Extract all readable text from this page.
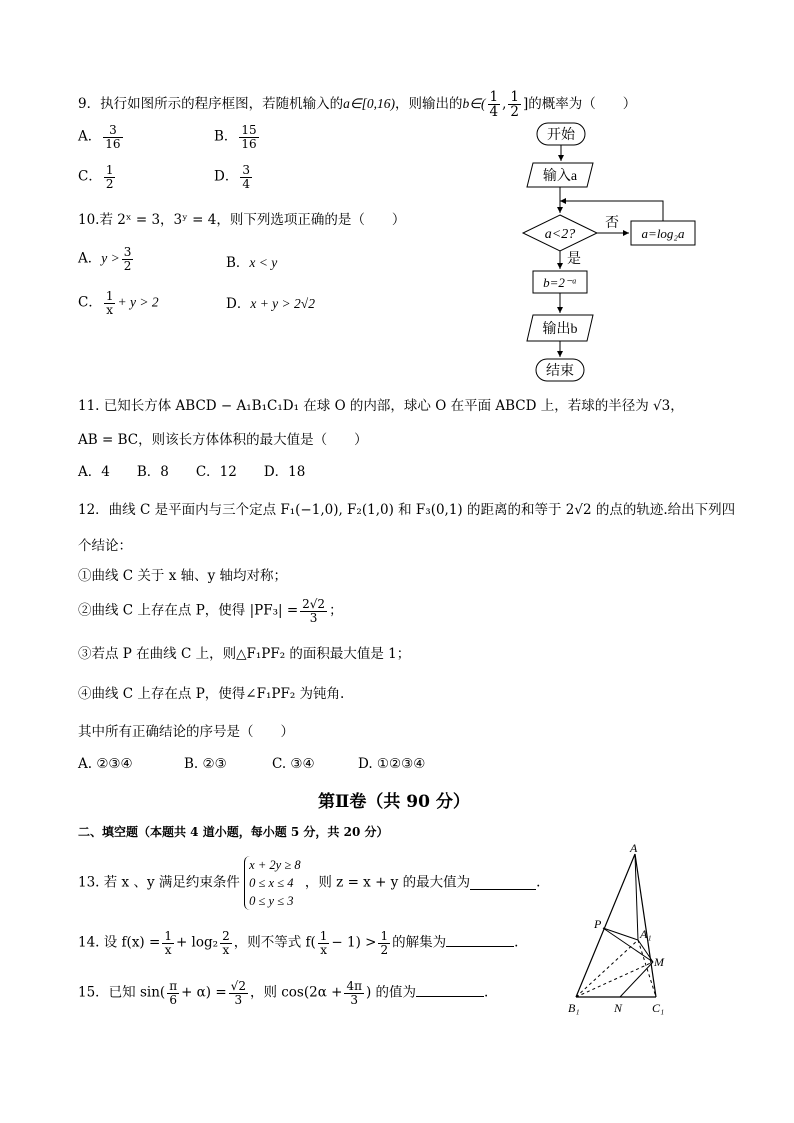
9．执行如图所示的程序框图，若随机输入的a∈[0,16)，则输出的b∈( $\frac{1}{4}$ , $\frac{1}{2}$ ]的概率为（　　）
A． $\frac{3}{16}$	B． $\frac{15}{16}$
C． $\frac{1}{2}$	D． $\frac{3}{4}$
开始
输入a
a<2?
否
a=log₂a
是
b=2⁻ᵃ
输出b
结束
10.若 2ˣ = 3，3ʸ = 4，则下列选项正确的是（　　）
A．$y > \frac{3}{2}$	B．x < y
C． $\frac{1}{x} + y > 2$	D．x + y > 2√2
11. 已知长方体 ABCD − A₁B₁C₁D₁ 在球 O 的内部，球心 O 在平面 ABCD 上，若球的半径为 √3，
AB = BC，则该长方体体积的最大值是（　　）
A．4　　B．8　　C．12　　D．18
12．曲线 C 是平面内与三个定点 F₁(−1,0), F₂(1,0) 和 F₃(0,1) 的距离的和等于 2√2 的点的轨迹.给出下列四
个结论：
①曲线 C 关于 x 轴、y 轴均对称；
②曲线 C 上存在点 P，使得 $|PF_3| = \frac{2√2}{3}$ ；
③若点 P 在曲线 C 上，则△F₁PF₂ 的面积最大值是 1；
④曲线 C 上存在点 P，使得∠F₁PF₂ 为钝角.
其中所有正确结论的序号是（　　）
A. ②③④	B. ②③	C. ③④	D. ①②③④
第Ⅱ卷（共 90 分）
二、填空题（本题共 4 道小题，每小题 5 分，共 20 分）
13. 若 x 、y 满足约束条件
x + 2y ≥ 8
0 ≤ x ≤ 4
0 ≤ y ≤ 3
，则 z = x + y 的最大值为	.
14. 设 $f(x) = \frac{1}{x} + \log_2 \frac{2}{x}$ ，则不等式 $f( \frac{1}{x} - 1) > \frac{1}{2}$ 的解集为	.
15．已知 $\sin( \frac{\pi}{6} + \alpha) = \frac{√2}{3}$ ，则 $\cos(2\alpha + \frac{4\pi}{3}$ ) 的值为	.
A
P
A₁
M
B₁	N C₁
